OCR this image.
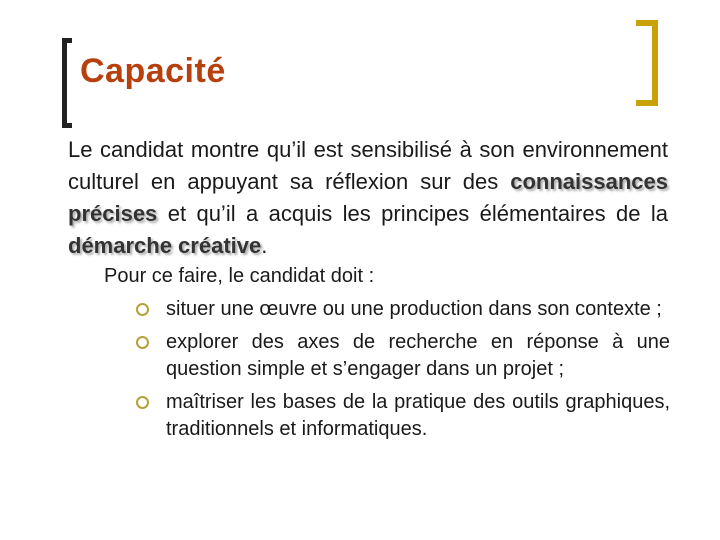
Capacité
Le candidat montre qu’il est sensibilisé à son environnement culturel en appuyant sa réflexion sur des connaissances précises et qu’il a acquis les principes élémentaires de la démarche créative.
Pour ce faire, le candidat doit :
situer une œuvre ou une production dans son contexte ;
explorer des axes de recherche en réponse à une question simple et s’engager dans un projet ;
maîtriser les bases de la pratique des outils graphiques, traditionnels et informatiques.
